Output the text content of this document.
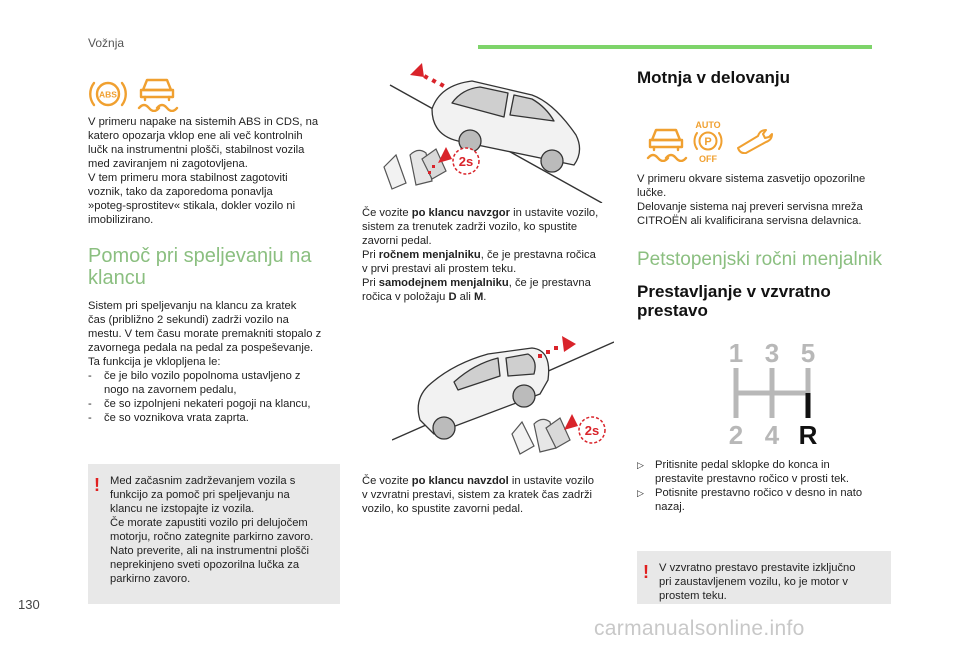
Vožnja
ABS

V primeru napake na sistemih ABS in CDS, na

katero opozarja vklop ene ali več kontrolnih

lučk na instrumentni plošči, stabilnost vozila

med zaviranjem ni zagotovljena.

V tem primeru mora stabilnost zagotoviti

voznik, tako da zaporedoma ponavlja

»poteg-sprostitev« stikala, dokler vozilo ni

imobilizirano.

Pomoč pri speljevanju na
klancu

Sistem pri speljevanju na klancu za kratek

čas (približno 2 sekundi) zadrži vozilo na

mestu. V tem času morate premakniti stopalo z

zavornega pedala na pedal za pospeševanje.

Ta funkcija je vklopljena le:

- če je bilo vozilo popolnoma ustavljeno z
nogo na zavornem pedalu,
- če so izpolnjeni nekateri pogoji na klancu,
- če so voznikova vrata zaprta.
! Med začasnim zadrževanjem vozila s

funkcijo za pomoč pri speljevanju na

klancu ne izstopajte iz vozila.

Če morate zapustiti vozilo pri delujočem

motorju, ročno zategnite parkirno zavoro.

Nato preverite, ali na instrumentni plošči

neprekinjeno sveti opozorilna lučka za

parkirno zavoro.

2s

Če vozite po klancu navzgor in ustavite vozilo,

sistem za trenutek zadrži vozilo, ko spustite

zavorni pedal.

Pri ročnem menjalniku, če je prestavna ročica

v prvi prestavi ali prostem teku.

Pri samodejnem menjalniku, če je prestavna

ročica v položaju D ali M.

2s

Če vozite po klancu navzdol in ustavite vozilo

v vzvratni prestavi, sistem za kratek čas zadrži

vozilo, ko spustite zavorni pedal.

Motnja v delovanju
AUTO
P
OFF

V primeru okvare sistema zasvetijo opozorilne

lučke.

Delovanje sistema naj preveri servisna mreža

CITROËN ali kvalificirana servisna delavnica.

Petstopenjski ročni menjalnik
Prestavljanje v vzvratno
prestavo
1 3 5
2 4 R
▷ Pritisnite pedal sklopke do konca in
prestavite prestavno ročico v prosti tek.
▷ Potisnite prestavno ročico v desno in nato
nazaj.
! V vzvratno prestavo prestavite izključno

pri zaustavljenem vozilu, ko je motor v

prostem teku.

130
carmanualsonline.info
